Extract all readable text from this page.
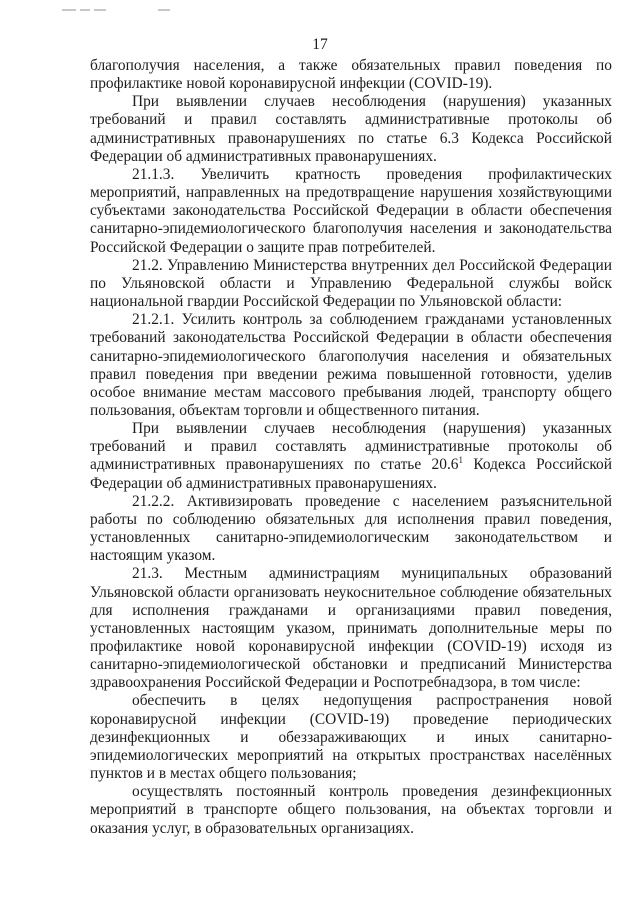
17

благополучия населения, а также обязательных правил поведения по профилактике новой коронавирусной инфекции (COVID-19).

При выявлении случаев несоблюдения (нарушения) указанных требований и правил составлять административные протоколы об административных правонарушениях по статье 6.3 Кодекса Российской Федерации об административных правонарушениях.

21.1.3. Увеличить кратность проведения профилактических мероприятий, направленных на предотвращение нарушения хозяйствующими субъектами законодательства Российской Федерации в области обеспечения санитарно-эпидемиологического благополучия населения и законодательства Российской Федерации о защите прав потребителей.

21.2. Управлению Министерства внутренних дел Российской Федерации по Ульяновской области и Управлению Федеральной службы войск национальной гвардии Российской Федерации по Ульяновской области:

21.2.1. Усилить контроль за соблюдением гражданами установленных требований законодательства Российской Федерации в области обеспечения санитарно-эпидемиологического благополучия населения и обязательных правил поведения при введении режима повышенной готовности, уделив особое внимание местам массового пребывания людей, транспорту общего пользования, объектам торговли и общественного питания.

При выявлении случаев несоблюдения (нарушения) указанных требований и правил составлять административные протоколы об административных правонарушениях по статье 20.6$^1$ Кодекса Российской Федерации об административных правонарушениях.

21.2.2. Активизировать проведение с населением разъяснительной работы по соблюдению обязательных для исполнения правил поведения, установленных санитарно-эпидемиологическим законодательством и настоящим указом.

21.3. Местным администрациям муниципальных образований Ульяновской области организовать неукоснительное соблюдение обязательных для исполнения гражданами и организациями правил поведения, установленных настоящим указом, принимать дополнительные меры по профилактике новой коронавирусной инфекции (COVID-19) исходя из санитарно-эпидемиологической обстановки и предписаний Министерства здравоохранения Российской Федерации и Роспотребнадзора, в том числе:

обеспечить в целях недопущения распространения новой коронавирусной инфекции (COVID-19) проведение периодических дезинфекционных и обеззараживающих и иных санитарно-эпидемиологических мероприятий на открытых пространствах населённых пунктов и в местах общего пользования;

осуществлять постоянный контроль проведения дезинфекционных мероприятий в транспорте общего пользования, на объектах торговли и оказания услуг, в образовательных организациях.
